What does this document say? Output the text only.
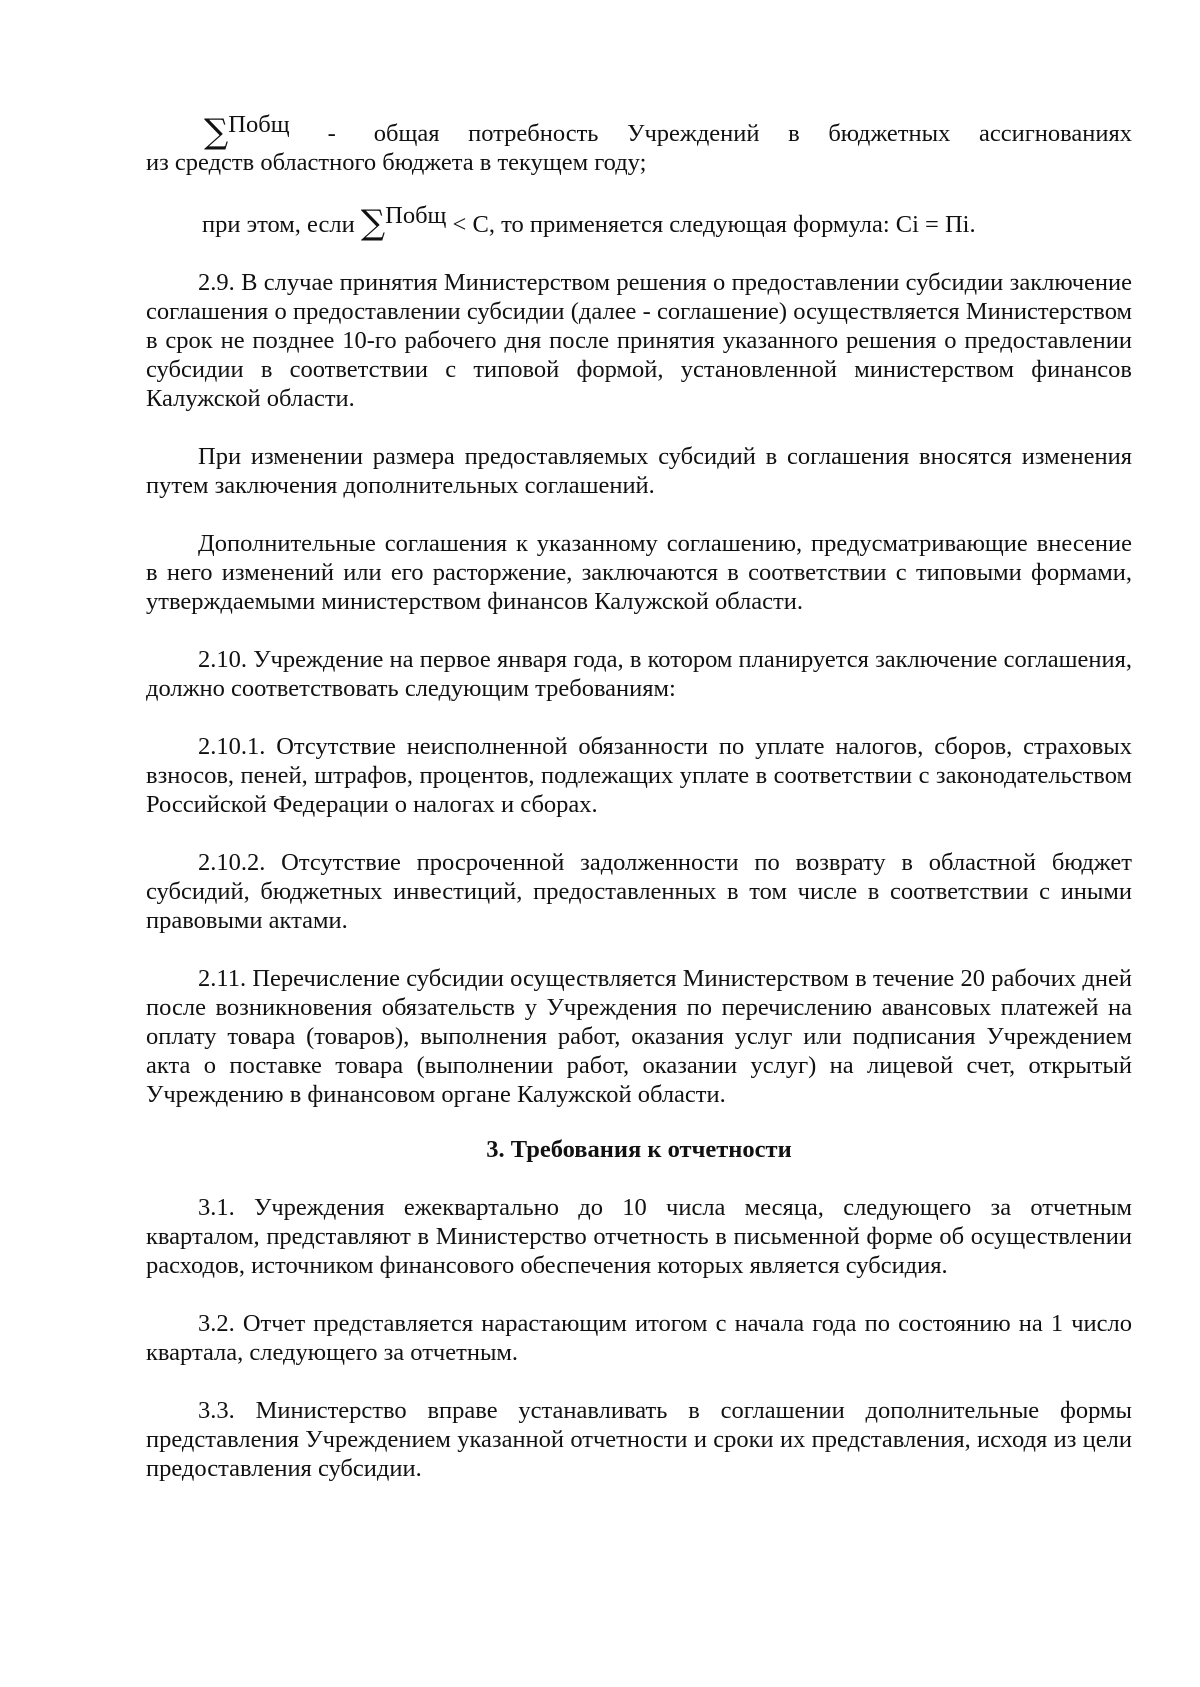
∑Побщ - общая потребность Учреждений в бюджетных ассигнованиях

из средств областного бюджета в текущем году;

при этом, если ∑Побщ < С, то применяется следующая формула: Сi = Пi.

2.9. В случае принятия Министерством решения о предоставлении субсидии заключение соглашения о предоставлении субсидии (далее - соглашение) осуществляется Министерством в срок не позднее 10-го рабочего дня после принятия указанного решения о предоставлении субсидии в соответствии с типовой формой, установленной министерством финансов Калужской области.

При изменении размера предоставляемых субсидий в соглашения вносятся изменения путем заключения дополнительных соглашений.

Дополнительные соглашения к указанному соглашению, предусматривающие внесение в него изменений или его расторжение, заключаются в соответствии с типовыми формами, утверждаемыми министерством финансов Калужской области.

2.10. Учреждение на первое января года, в котором планируется заключение соглашения, должно соответствовать следующим требованиям:

2.10.1. Отсутствие неисполненной обязанности по уплате налогов, сборов, страховых взносов, пеней, штрафов, процентов, подлежащих уплате в соответствии с законодательством Российской Федерации о налогах и сборах.

2.10.2. Отсутствие просроченной задолженности по возврату в областной бюджет субсидий, бюджетных инвестиций, предоставленных в том числе в соответствии с иными правовыми актами.

2.11. Перечисление субсидии осуществляется Министерством в течение 20 рабочих дней после возникновения обязательств у Учреждения по перечислению авансовых платежей на оплату товара (товаров), выполнения работ, оказания услуг или подписания Учреждением акта о поставке товара (выполнении работ, оказании услуг) на лицевой счет, открытый Учреждению в финансовом органе Калужской области.

3. Требования к отчетности

3.1. Учреждения ежеквартально до 10 числа месяца, следующего за отчетным кварталом, представляют в Министерство отчетность в письменной форме об осуществлении расходов, источником финансового обеспечения которых является субсидия.

3.2. Отчет представляется нарастающим итогом с начала года по состоянию на 1 число квартала, следующего за отчетным.

3.3. Министерство вправе устанавливать в соглашении дополнительные формы представления Учреждением указанной отчетности и сроки их представления, исходя из цели предоставления субсидии.
